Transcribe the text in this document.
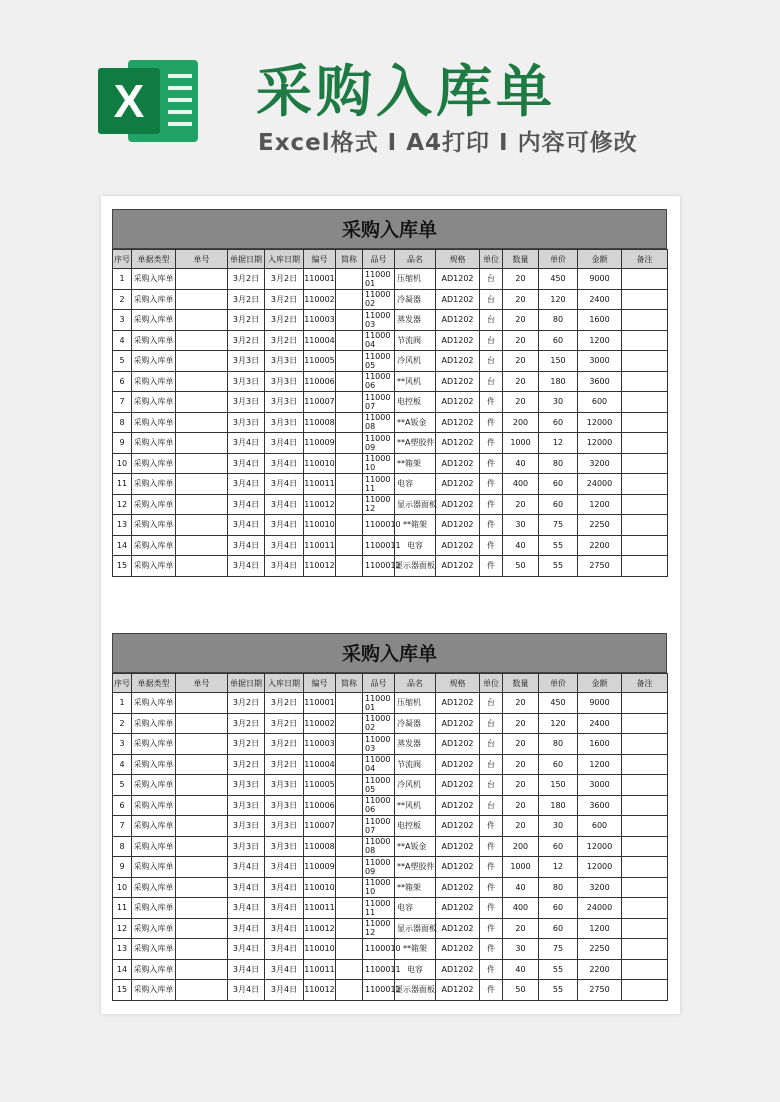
X 采购入库单
Excel格式 Ⅰ A4打印 Ⅰ 内容可修改
采购入库单
序号	单据类型	单号	单据日期	入库日期	编号	简称	品号	品名	规格	单位	数量	单价	金额	备注
1	采购入库单		3月2日	3月2日	110001		1100001	压缩机	AD1202	台	20	450	9000	
2	采购入库单		3月2日	3月2日	110002		1100002	冷凝器	AD1202	台	20	120	2400	
3	采购入库单		3月2日	3月2日	110003		1100003	蒸发器	AD1202	台	20	80	1600	
4	采购入库单		3月2日	3月2日	110004		1100004	节流阀	AD1202	台	20	60	1200	
5	采购入库单		3月3日	3月3日	110005		1100005	冷风机	AD1202	台	20	150	3000	
6	采购入库单		3月3日	3月3日	110006		1100006	**风机	AD1202	台	20	180	3600	
7	采购入库单		3月3日	3月3日	110007		1100007	电控板	AD1202	件	20	30	600	
8	采购入库单		3月3日	3月3日	110008		1100008	**A钣金	AD1202	件	200	60	12000	
9	采购入库单		3月4日	3月4日	110009		1100009	**A塑胶件	AD1202	件	1000	12	12000	
10	采购入库单		3月4日	3月4日	110010		1100010	**箱架	AD1202	件	40	80	3200	
11	采购入库单		3月4日	3月4日	110011		1100011	电容	AD1202	件	400	60	24000	
12	采购入库单		3月4日	3月4日	110012		1100012	显示器面板	AD1202	件	20	60	1200	
13	采购入库单		3月4日	3月4日	110010		1100010	**箱架	AD1202	件	30	75	2250	
14	采购入库单		3月4日	3月4日	110011		1100011	电容	AD1202	件	40	55	2200	
15	采购入库单		3月4日	3月4日	110012		1100012	显示器面板	AD1202	件	50	55	2750	
采购入库单
序号	单据类型	单号	单据日期	入库日期	编号	简称	品号	品名	规格	单位	数量	单价	金额	备注
1	采购入库单		3月2日	3月2日	110001		1100001	压缩机	AD1202	台	20	450	9000	
2	采购入库单		3月2日	3月2日	110002		1100002	冷凝器	AD1202	台	20	120	2400	
3	采购入库单		3月2日	3月2日	110003		1100003	蒸发器	AD1202	台	20	80	1600	
4	采购入库单		3月2日	3月2日	110004		1100004	节流阀	AD1202	台	20	60	1200	
5	采购入库单		3月3日	3月3日	110005		1100005	冷风机	AD1202	台	20	150	3000	
6	采购入库单		3月3日	3月3日	110006		1100006	**风机	AD1202	台	20	180	3600	
7	采购入库单		3月3日	3月3日	110007		1100007	电控板	AD1202	件	20	30	600	
8	采购入库单		3月3日	3月3日	110008		1100008	**A钣金	AD1202	件	200	60	12000	
9	采购入库单		3月4日	3月4日	110009		1100009	**A塑胶件	AD1202	件	1000	12	12000	
10	采购入库单		3月4日	3月4日	110010		1100010	**箱架	AD1202	件	40	80	3200	
11	采购入库单		3月4日	3月4日	110011		1100011	电容	AD1202	件	400	60	24000	
12	采购入库单		3月4日	3月4日	110012		1100012	显示器面板	AD1202	件	20	60	1200	
13	采购入库单		3月4日	3月4日	110010		1100010	**箱架	AD1202	件	30	75	2250	
14	采购入库单		3月4日	3月4日	110011		1100011	电容	AD1202	件	40	55	2200	
15	采购入库单		3月4日	3月4日	110012		1100012	显示器面板	AD1202	件	50	55	2750	
